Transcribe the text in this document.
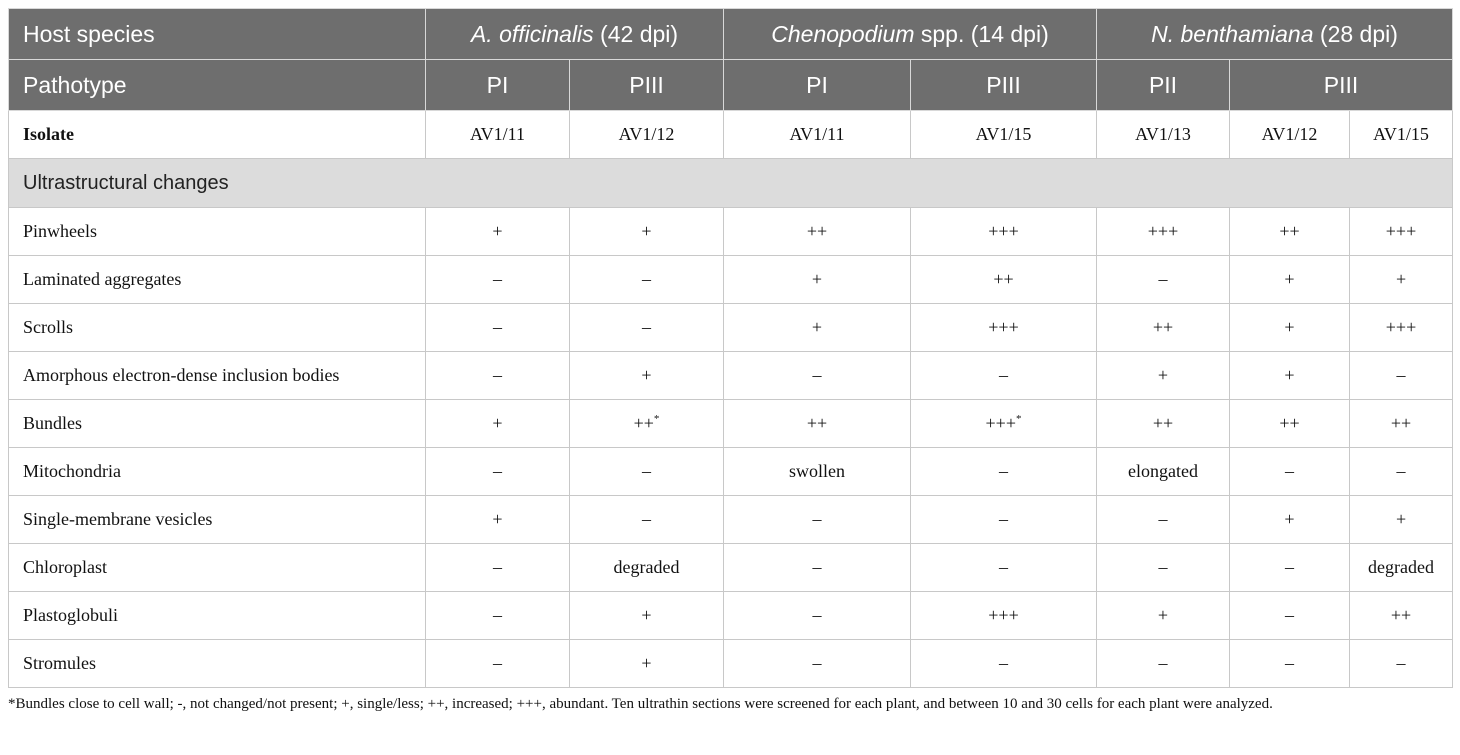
Host species	A. officinalis (42 dpi)		Chenopodium spp. (14 dpi)		N. benthamiana (28 dpi)		
Pathotype	PI	PIII	PI	PIII	PII	PIII	
Isolate	AV1/11	AV1/12	AV1/11	AV1/15	AV1/13	AV1/12	AV1/15
Ultrastructural changes							
Pinwheels	+	+	++	+++	+++	++	+++
Laminated aggregates	–	–	+	++	–	+	+
Scrolls	–	–	+	+++	++	+	+++
Amorphous electron-dense inclusion bodies	–	+	–	–	+	+	–
Bundles	+	++*	++	+++*	++	++	++
Mitochondria	–	–	swollen	–	elongated	–	–
Single-membrane vesicles	+	–	–	–	–	+	+
Chloroplast	–	degraded	–	–	–	–	degraded
Plastoglobuli	–	+	–	+++	+	–	++
Stromules	–	+	–	–	–	–	–
*Bundles close to cell wall; -, not changed/not present; +, single/less; ++, increased; +++, abundant. Ten ultrathin sections were screened for each plant, and between 10 and 30 cells for each plant were analyzed.
